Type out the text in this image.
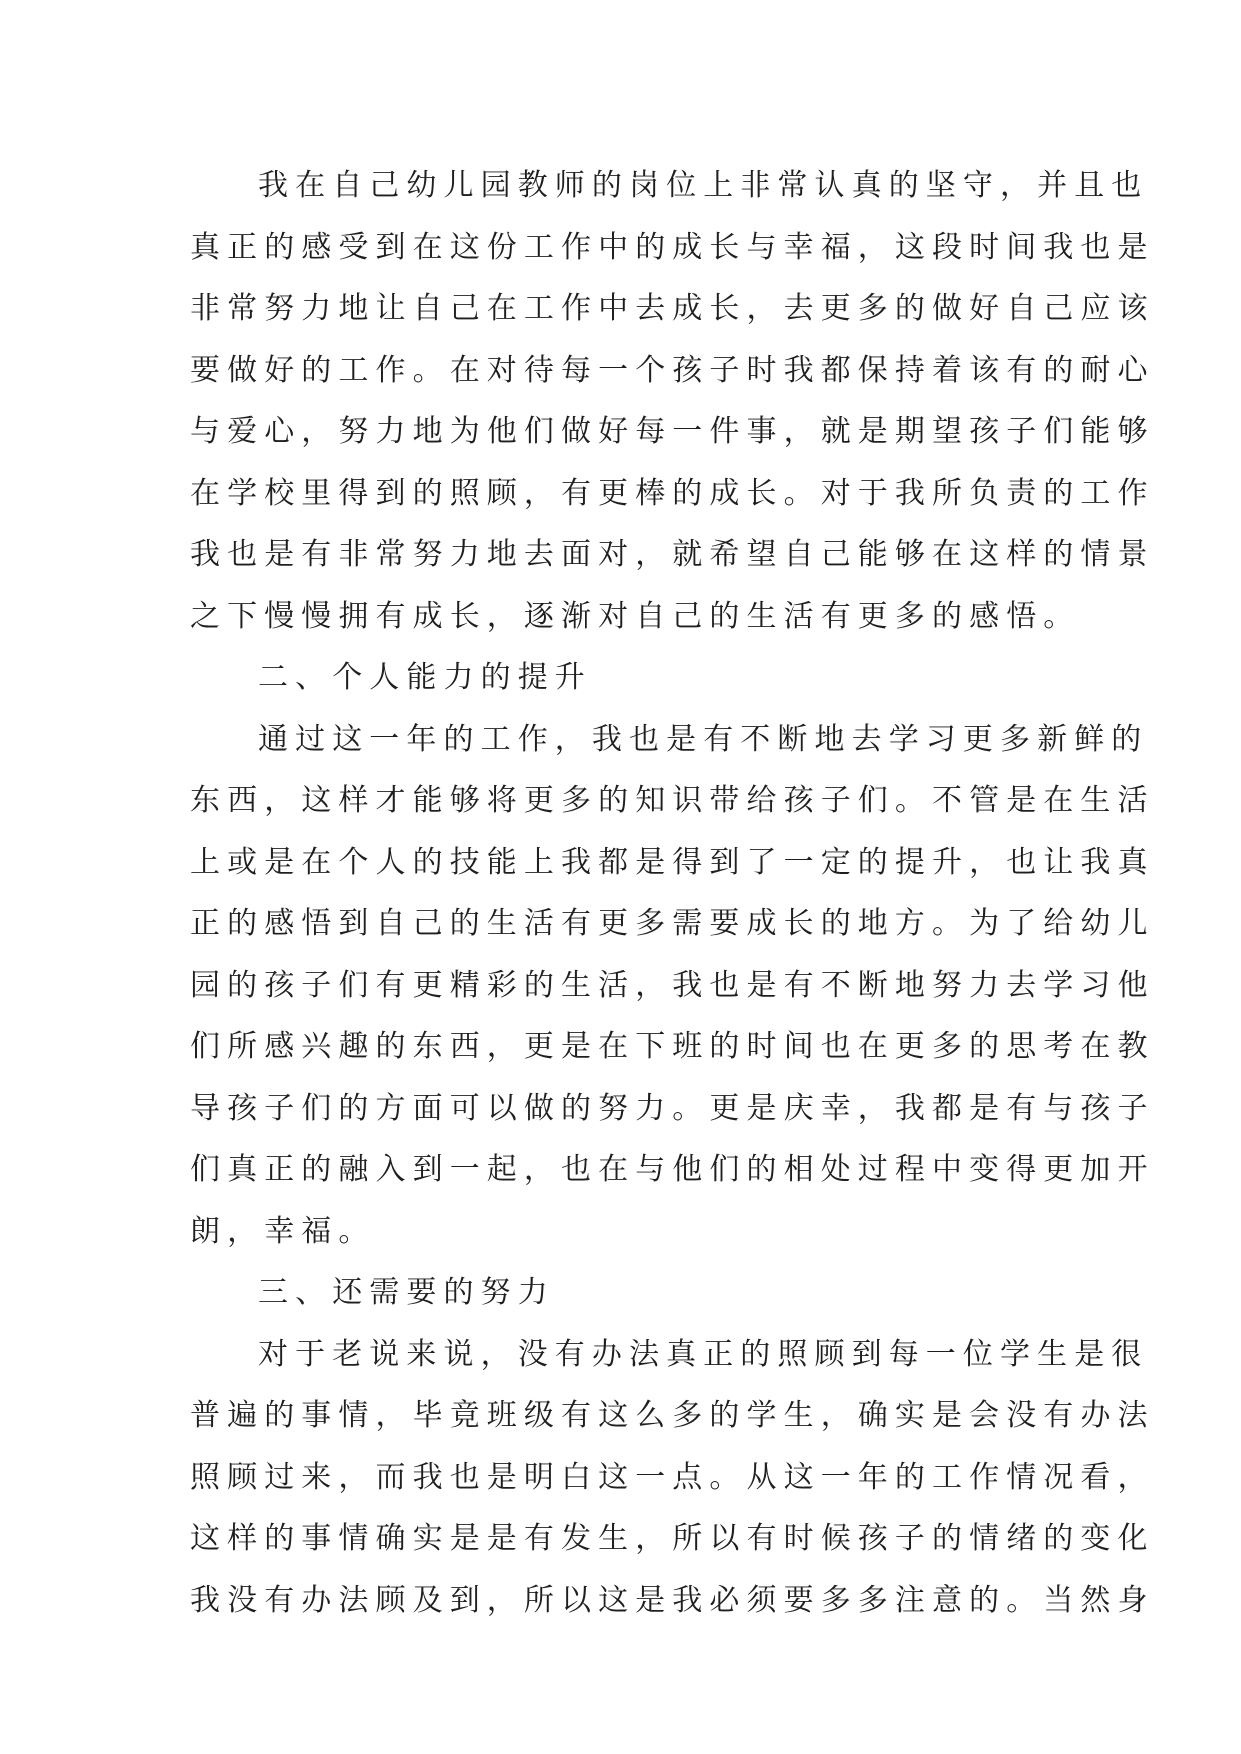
我在自己幼儿园教师的岗位上非常认真的坚守，并且也
真正的感受到在这份工作中的成长与幸福，这段时间我也是
非常努力地让自己在工作中去成长，去更多的做好自己应该
要做好的工作。在对待每一个孩子时我都保持着该有的耐心
与爱心，努力地为他们做好每一件事，就是期望孩子们能够
在学校里得到的照顾，有更棒的成长。对于我所负责的工作
我也是有非常努力地去面对，就希望自己能够在这样的情景
之下慢慢拥有成长，逐渐对自己的生活有更多的感悟。
二、个人能力的提升
通过这一年的工作，我也是有不断地去学习更多新鲜的
东西，这样才能够将更多的知识带给孩子们。不管是在生活
上或是在个人的技能上我都是得到了一定的提升，也让我真
正的感悟到自己的生活有更多需要成长的地方。为了给幼儿
园的孩子们有更精彩的生活，我也是有不断地努力去学习他
们所感兴趣的东西，更是在下班的时间也在更多的思考在教
导孩子们的方面可以做的努力。更是庆幸，我都是有与孩子
们真正的融入到一起，也在与他们的相处过程中变得更加开
朗，幸福。
三、还需要的努力
对于老说来说，没有办法真正的照顾到每一位学生是很
普遍的事情，毕竟班级有这么多的学生，确实是会没有办法
照顾过来，而我也是明白这一点。从这一年的工作情况看，
这样的事情确实是是有发生，所以有时候孩子的情绪的变化
我没有办法顾及到，所以这是我必须要多多注意的。当然身
